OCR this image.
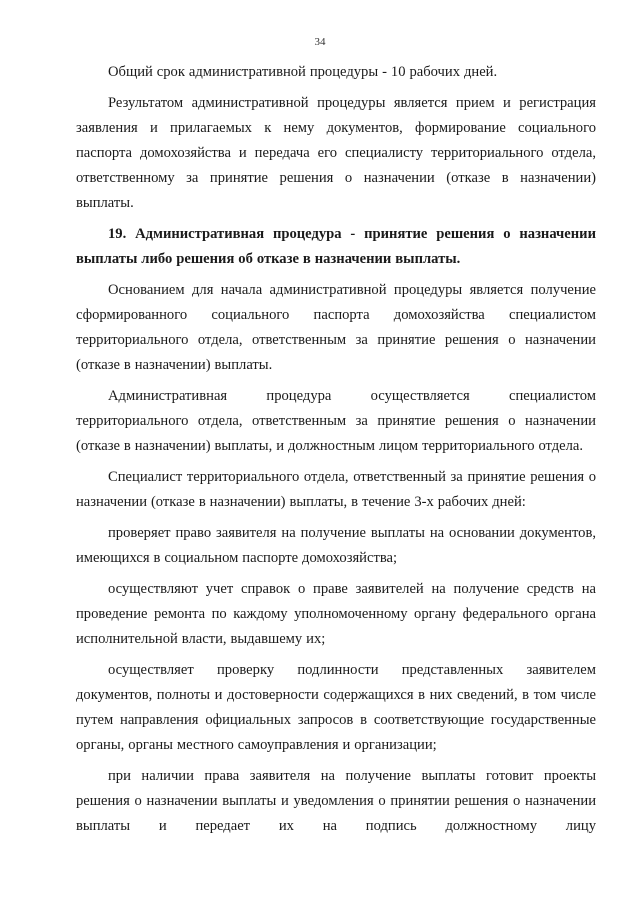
34

Общий срок административной процедуры - 10 рабочих дней.

Результатом административной процедуры является прием и регистрация заявления и прилагаемых к нему документов, формирование социального паспорта домохозяйства и передача его специалисту территориального отдела, ответственному за принятие решения о назначении (отказе в назначении) выплаты.

19. Административная процедура - принятие решения о назначении выплаты либо решения об отказе в назначении выплаты.

Основанием для начала административной процедуры является получение сформированного социального паспорта домохозяйства специалистом территориального отдела, ответственным за принятие решения о назначении (отказе в назначении) выплаты.

Административная процедура осуществляется специалистом территориального отдела, ответственным за принятие решения о назначении (отказе в назначении) выплаты, и должностным лицом территориального отдела.

Специалист территориального отдела, ответственный за принятие решения о назначении (отказе в назначении) выплаты, в течение 3-х рабочих дней:

проверяет право заявителя на получение выплаты на основании документов, имеющихся в социальном паспорте домохозяйства;

осуществляют учет справок о праве заявителей на получение средств на проведение ремонта по каждому уполномоченному органу федерального органа исполнительной власти, выдавшему их;

осуществляет проверку подлинности представленных заявителем документов, полноты и достоверности содержащихся в них сведений, в том числе путем направления официальных запросов в соответствующие государственные органы, органы местного самоуправления и организации;

при наличии права заявителя на получение выплаты готовит проекты решения о назначении выплаты и уведомления о принятии решения о назначении выплаты и передает их на подпись должностному лицу
